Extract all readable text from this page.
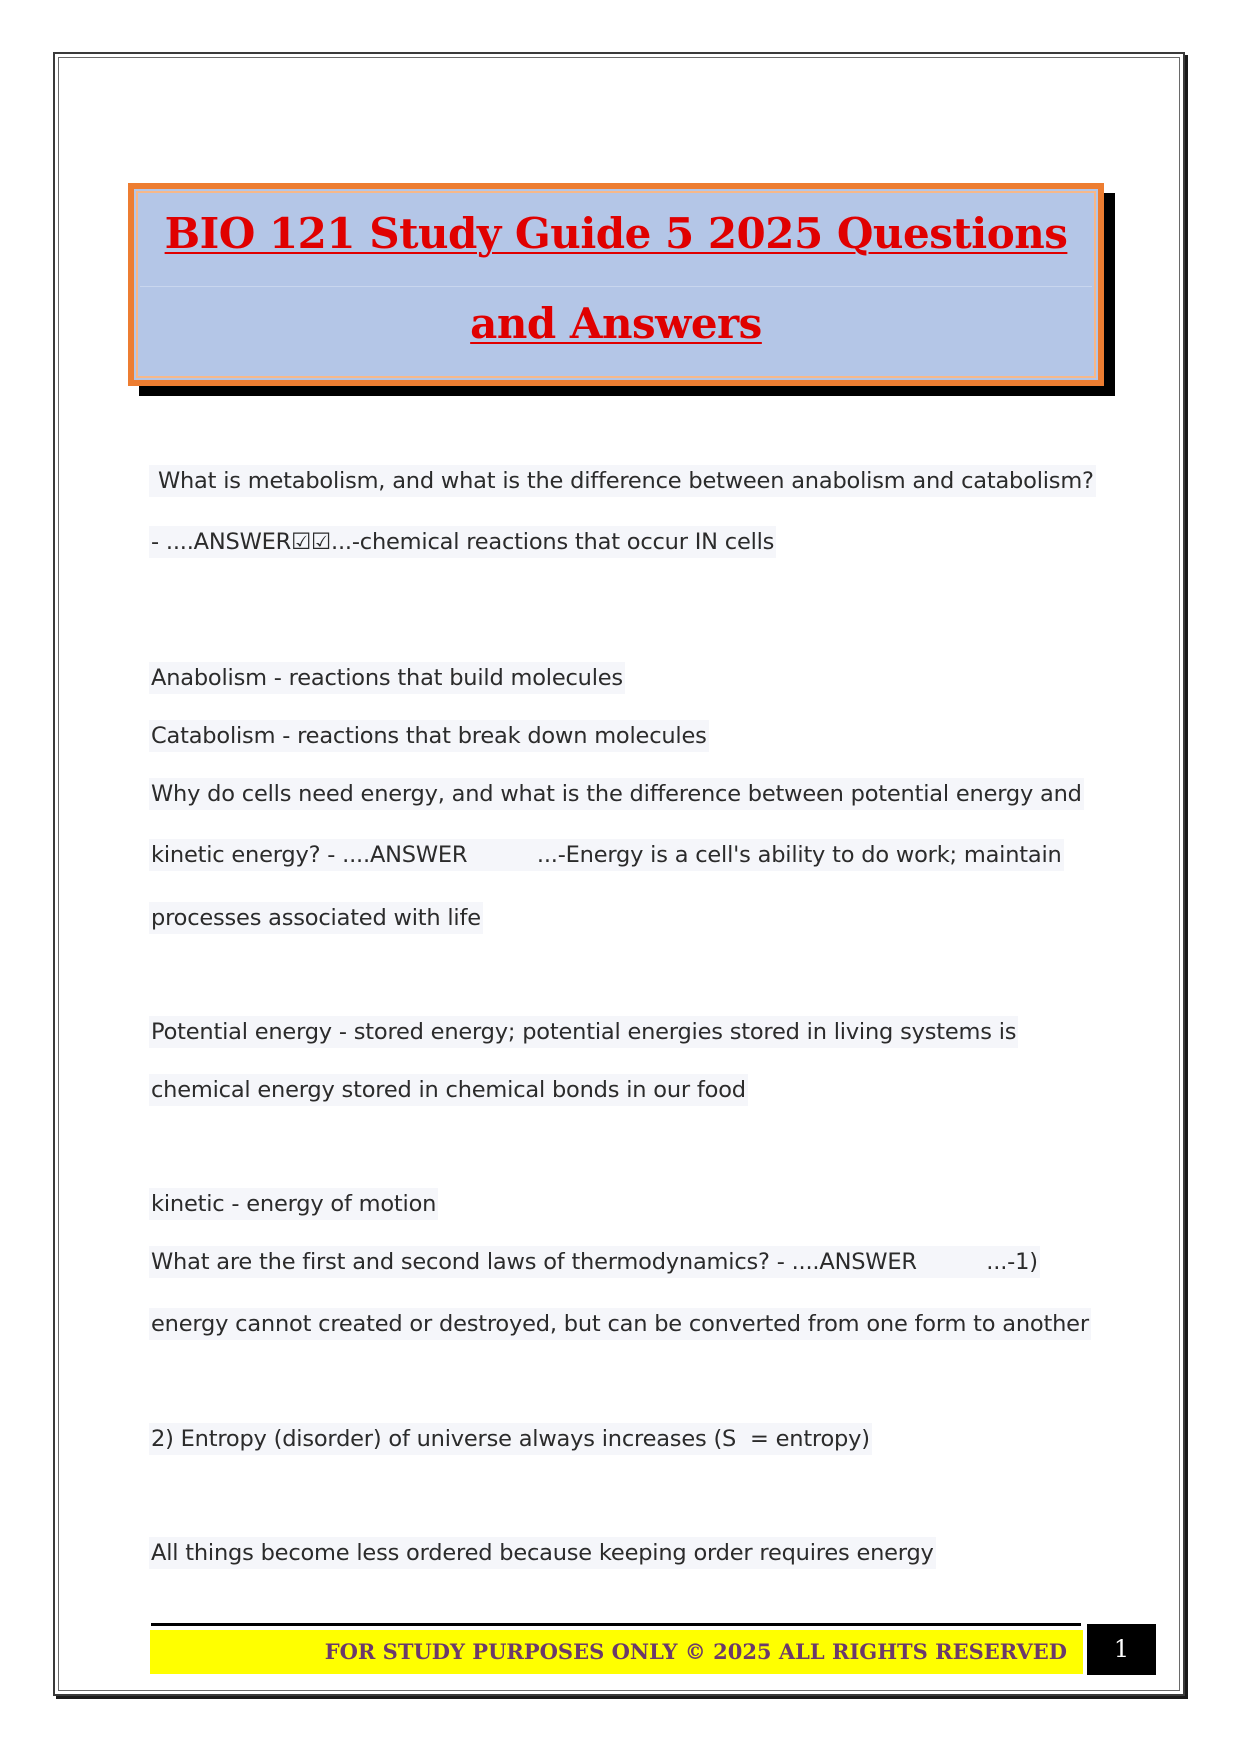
BIO 121 Study Guide 5 2025 Questions
and Answers
What is metabolism, and what is the difference between anabolism and catabolism?
- ....ANSWER☑☑...-chemical reactions that occur IN cells
Anabolism - reactions that build molecules
Catabolism - reactions that break down molecules
Why do cells need energy, and what is the difference between potential energy and
kinetic energy? - ....ANSWER          ...-Energy is a cell's ability to do work; maintain
processes associated with life
Potential energy - stored energy; potential energies stored in living systems is
chemical energy stored in chemical bonds in our food
kinetic - energy of motion
What are the first and second laws of thermodynamics? - ....ANSWER          ...-1)
energy cannot created or destroyed, but can be converted from one form to another
2) Entropy (disorder) of universe always increases (S  = entropy)
All things become less ordered because keeping order requires energy
FOR STUDY PURPOSES ONLY © 2025 ALL RIGHTS RESERVED	1
